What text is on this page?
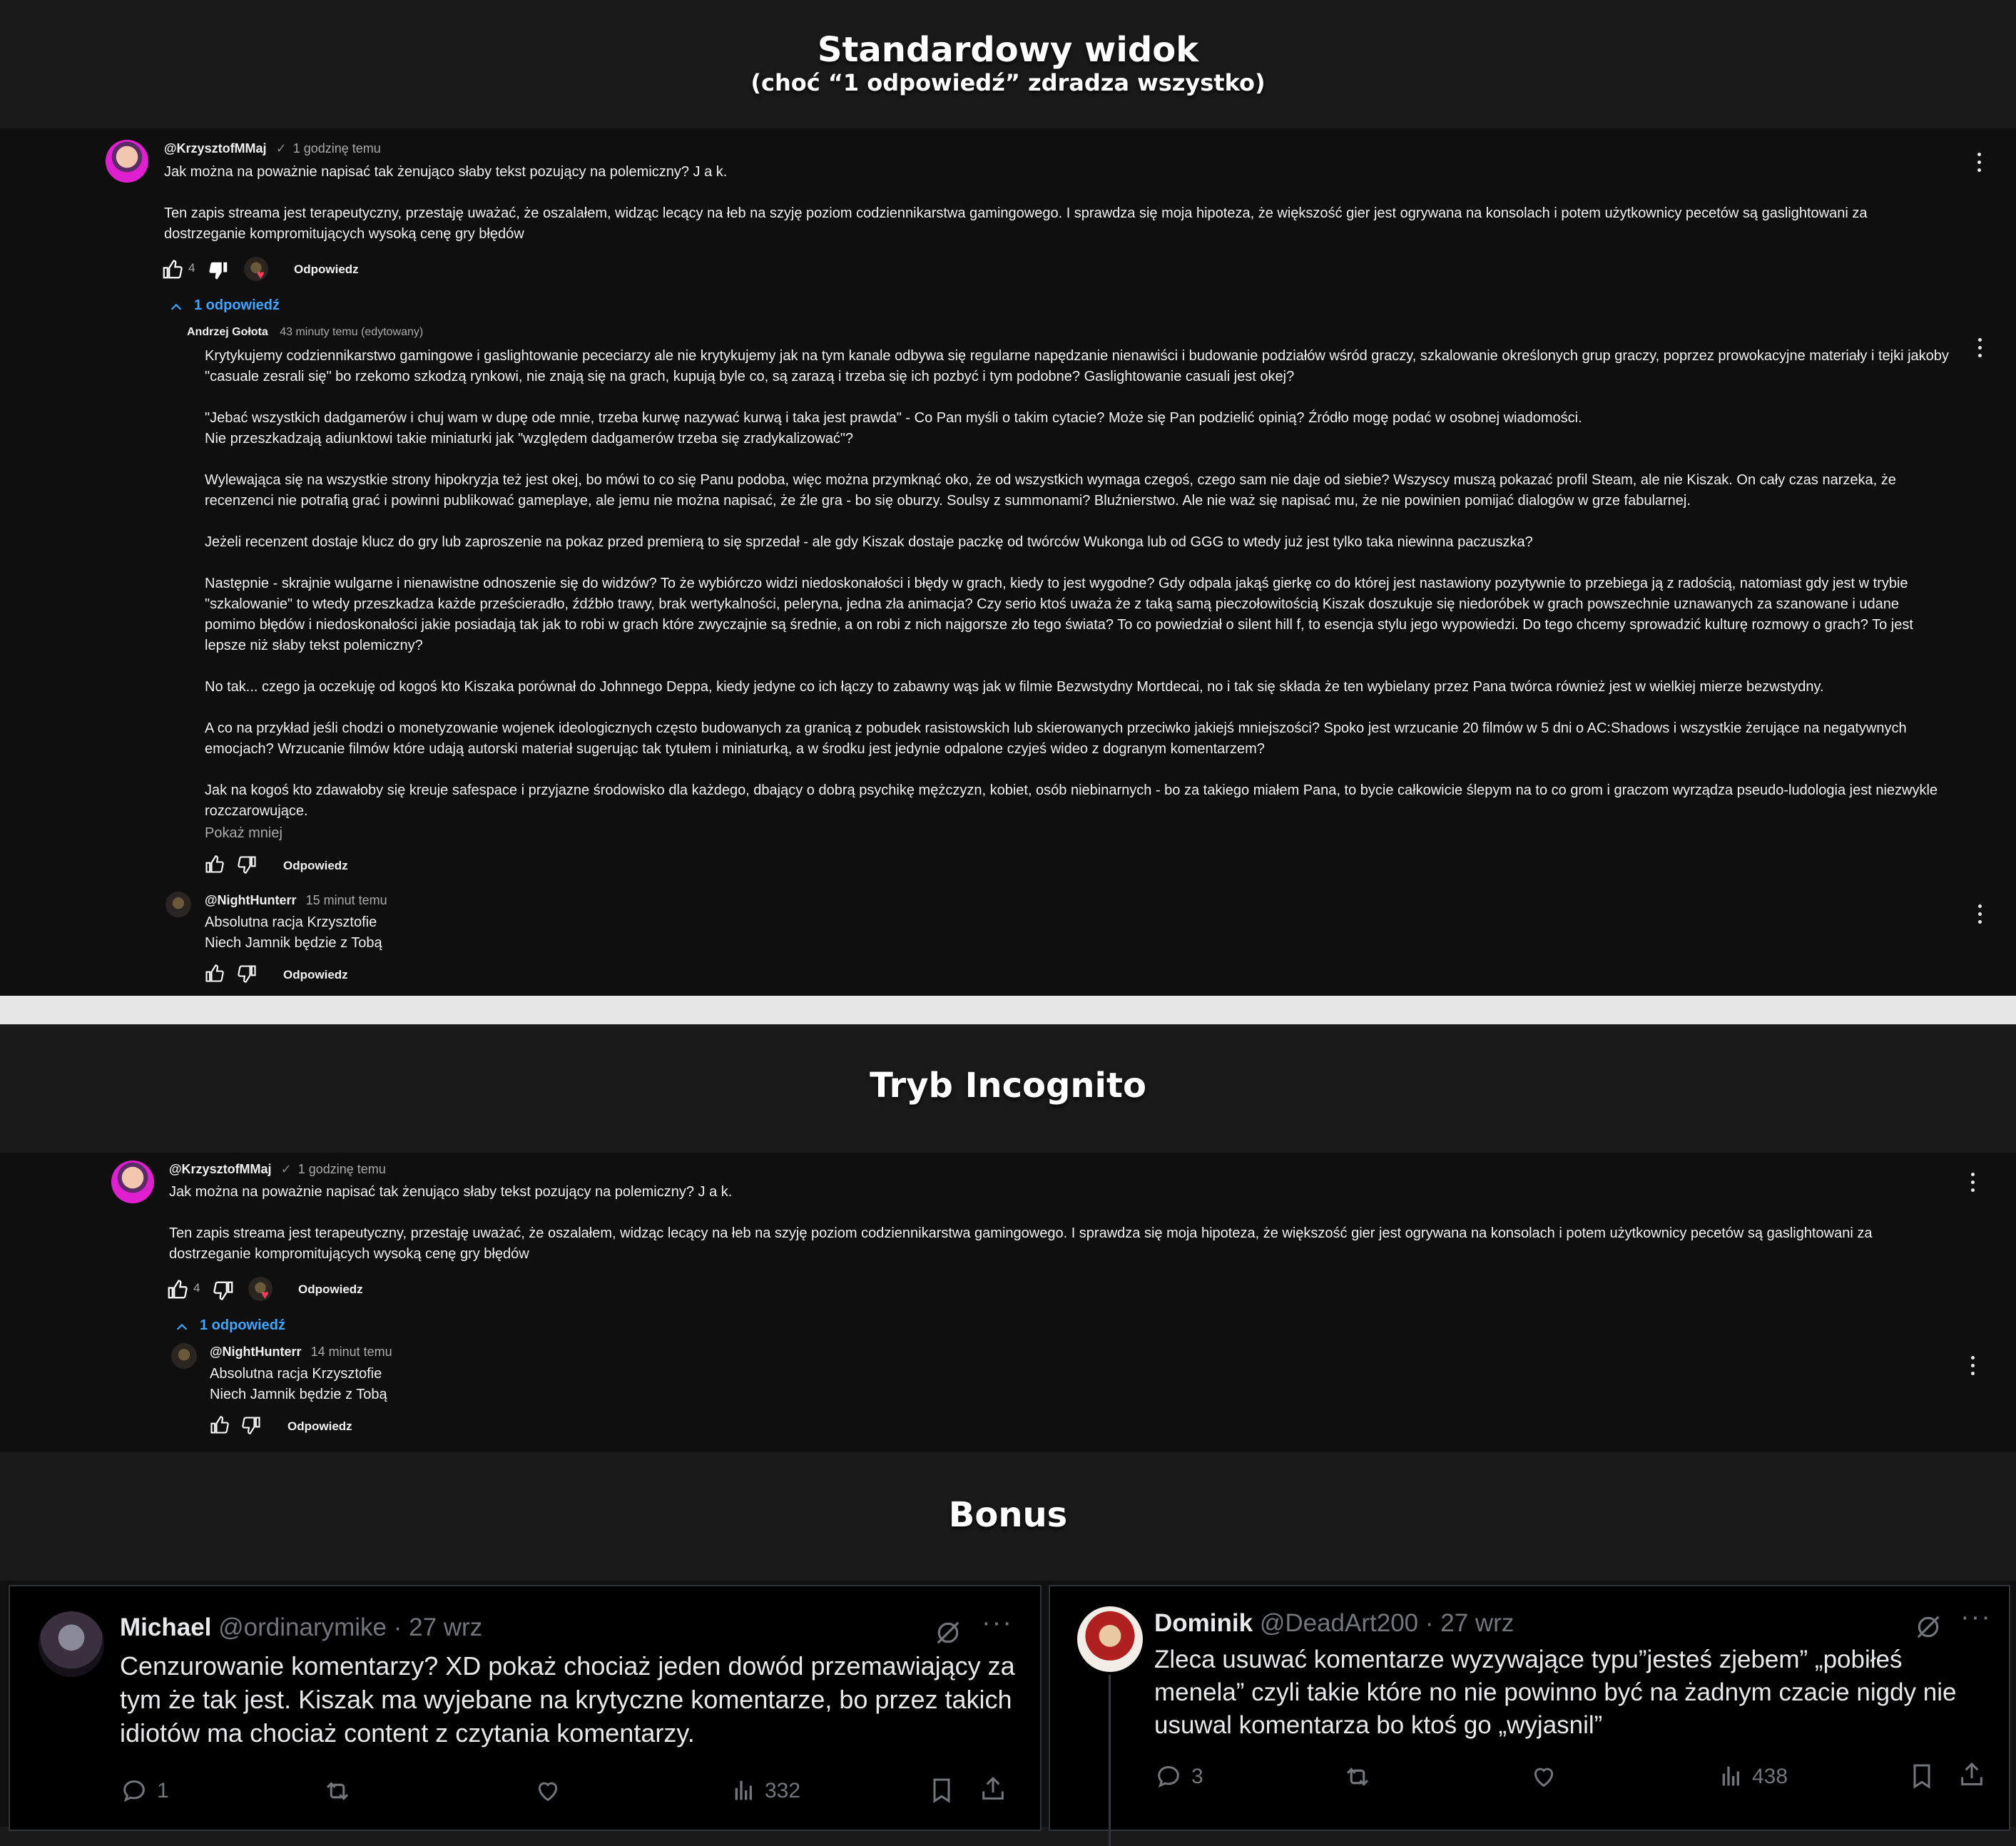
Standardowy widok
(choć “1 odpowiedź” zdradza wszystko)
@KrzysztofMMaj ✓ 1 godzinę temu
Jak można na poważnie napisać tak żenująco słaby tekst pozujący na polemiczny? J a k.
Ten zapis streama jest terapeutyczny, przestaję uważać, że oszalałem, widząc lecący na łeb na szyję poziom codziennikarstwa gamingowego. I sprawdza się moja hipoteza, że większość gier jest ogrywana na konsolach i potem użytkownicy pecetów są gaslightowani za dostrzeganie kompromitujących wysoką cenę gry błędów
4	♥ Odpowiedz
1 odpowiedź
Andrzej Gołota 43 minuty temu (edytowany)
Krytykujemy codziennikarstwo gamingowe i gaslightowanie pececiarzy ale nie krytykujemy jak na tym kanale odbywa się regularne napędzanie nienawiści i budowanie podziałów wśród graczy, szkalowanie określonych grup graczy, poprzez prowokacyjne materiały i tejki jakoby "casuale zesrali się" bo rzekomo szkodzą rynkowi, nie znają się na grach, kupują byle co, są zarazą i trzeba się ich pozbyć i tym podobne? Gaslightowanie casuali jest okej?
"Jebać wszystkich dadgamerów i chuj wam w dupę ode mnie, trzeba kurwę nazywać kurwą i taka jest prawda" - Co Pan myśli o takim cytacie? Może się Pan podzielić opinią? Źródło mogę podać w osobnej wiadomości.
Nie przeszkadzają adiunktowi takie miniaturki jak "względem dadgamerów trzeba się zradykalizować"?
Wylewająca się na wszystkie strony hipokryzja też jest okej, bo mówi to co się Panu podoba, więc można przymknąć oko, że od wszystkich wymaga czegoś, czego sam nie daje od siebie? Wszyscy muszą pokazać profil Steam, ale nie Kiszak. On cały czas narzeka, że recenzenci nie potrafią grać i powinni publikować gameplaye, ale jemu nie można napisać, że źle gra - bo się oburzy. Soulsy z summonami? Bluźnierstwo. Ale nie waż się napisać mu, że nie powinien pomijać dialogów w grze fabularnej.
Jeżeli recenzent dostaje klucz do gry lub zaproszenie na pokaz przed premierą to się sprzedał - ale gdy Kiszak dostaje paczkę od twórców Wukonga lub od GGG to wtedy już jest tylko taka niewinna paczuszka?
Następnie - skrajnie wulgarne i nienawistne odnoszenie się do widzów? To że wybiórczo widzi niedoskonałości i błędy w grach, kiedy to jest wygodne? Gdy odpala jakąś gierkę co do której jest nastawiony pozytywnie to przebiega ją z radością, natomiast gdy jest w trybie "szkalowanie" to wtedy przeszkadza każde prześcieradło, źdźbło trawy, brak wertykalności, peleryna, jedna zła animacja? Czy serio ktoś uważa że z taką samą pieczołowitością Kiszak doszukuje się niedoróbek w grach powszechnie uznawanych za szanowane i udane pomimo błędów i niedoskonałości jakie posiadają tak jak to robi w grach które zwyczajnie są średnie, a on robi z nich najgorsze zło tego świata? To co powiedział o silent hill f, to esencja stylu jego wypowiedzi. Do tego chcemy sprowadzić kulturę rozmowy o grach? To jest lepsze niż słaby tekst polemiczny?
No tak... czego ja oczekuję od kogoś kto Kiszaka porównał do Johnnego Deppa, kiedy jedyne co ich łączy to zabawny wąs jak w filmie Bezwstydny Mortdecai, no i tak się składa że ten wybielany przez Pana twórca również jest w wielkiej mierze bezwstydny.
A co na przykład jeśli chodzi o monetyzowanie wojenek ideologicznych często budowanych za granicą z pobudek rasistowskich lub skierowanych przeciwko jakiejś mniejszości? Spoko jest wrzucanie 20 filmów w 5 dni o AC:Shadows i wszystkie żerujące na negatywnych emocjach? Wrzucanie filmów które udają autorski materiał sugerując tak tytułem i miniaturką, a w środku jest jedynie odpalone czyjeś wideo z dogranym komentarzem?
Jak na kogoś kto zdawałoby się kreuje safespace i przyjazne środowisko dla każdego, dbający o dobrą psychikę mężczyzn, kobiet, osób niebinarnych - bo za takiego miałem Pana, to bycie całkowicie ślepym na to co grom i graczom wyrządza pseudo-ludologia jest niezwykle rozczarowujące.
Pokaż mniej
Odpowiedz
@NightHunterr 15 minut temu
Absolutna racja Krzysztofie
Niech Jamnik będzie z Tobą
Odpowiedz
Tryb Incognito
@KrzysztofMMaj ✓ 1 godzinę temu
Jak można na poważnie napisać tak żenująco słaby tekst pozujący na polemiczny? J a k.
Ten zapis streama jest terapeutyczny, przestaję uważać, że oszalałem, widząc lecący na łeb na szyję poziom codziennikarstwa gamingowego. I sprawdza się moja hipoteza, że większość gier jest ogrywana na konsolach i potem użytkownicy pecetów są gaslightowani za dostrzeganie kompromitujących wysoką cenę gry błędów
4	♥ Odpowiedz
1 odpowiedź
@NightHunterr 14 minut temu
Absolutna racja Krzysztofie
Niech Jamnik będzie z Tobą
Odpowiedz
Bonus
Michael @ordinarymike · 27 wrz	···
Cenzurowanie komentarzy? XD pokaż chociaż jeden dowód przemawiający za tym że tak jest. Kiszak ma wyjebane na krytyczne komentarze, bo przez takich idiotów ma chociaż content z czytania komentarzy.
1	332
Dominik @DeadArt200 · 27 wrz	···
Zleca usuwać komentarze wyzywające typu”jesteś zjebem” „pobiłeś menela” czyli takie które no nie powinno być na żadnym czacie nigdy nie usuwal komentarza bo ktoś go „wyjasnil”
3	438
